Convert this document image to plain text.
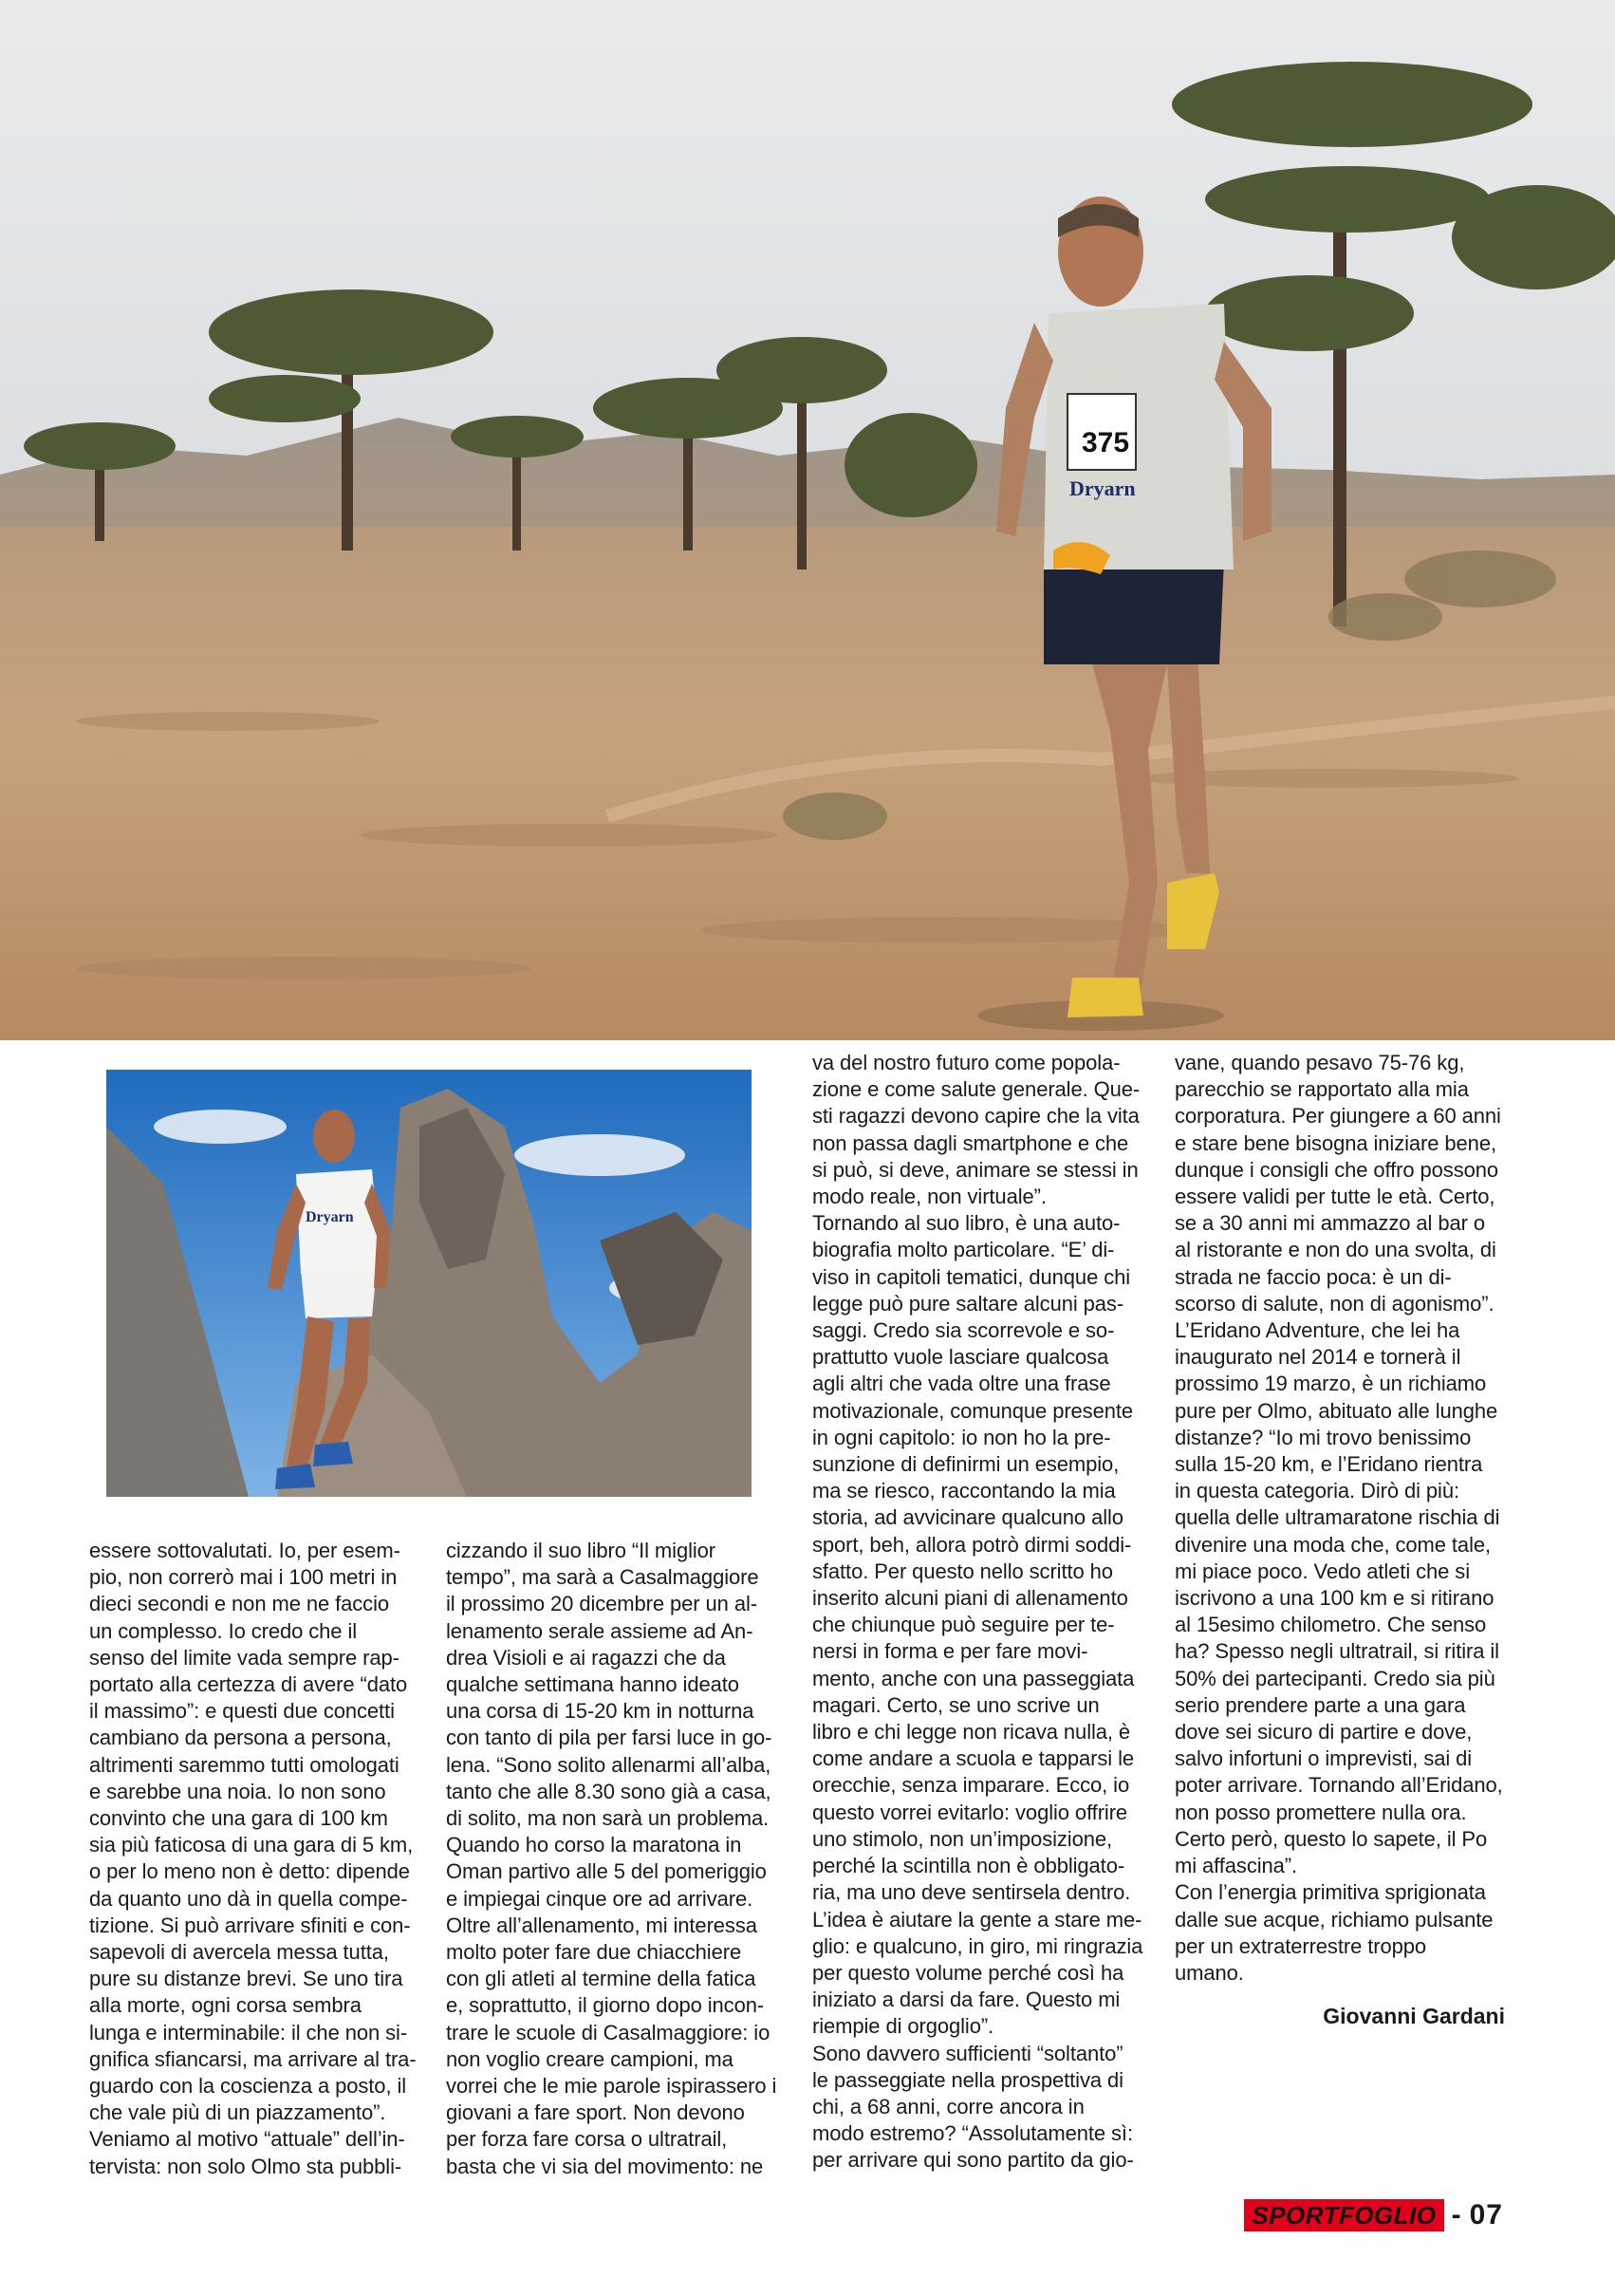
375
Dryarn
Dryarn

essere sottovalutati. Io, per esem-
pio, non correrò mai i 100 metri in
dieci secondi e non me ne faccio
un complesso. Io credo che il
senso del limite vada sempre rap-
portato alla certezza di avere “dato
il massimo”: e questi due concetti
cambiano da persona a persona,
altrimenti saremmo tutti omologati
e sarebbe una noia. Io non sono
convinto che una gara di 100 km
sia più faticosa di una gara di 5 km,
o per lo meno non è detto: dipende
da quanto uno dà in quella compe-
tizione. Si può arrivare sfiniti e con-
sapevoli di avercela messa tutta,
pure su distanze brevi. Se uno tira
alla morte, ogni corsa sembra
lunga e interminabile: il che non si-
gnifica sfiancarsi, ma arrivare al tra-
guardo con la coscienza a posto, il
che vale più di un piazzamento”.
Veniamo al motivo “attuale” dell’in-
tervista: non solo Olmo sta pubbli-

cizzando il suo libro “Il miglior
tempo”, ma sarà a Casalmaggiore
il prossimo 20 dicembre per un al-
lenamento serale assieme ad An-
drea Visioli e ai ragazzi che da
qualche settimana hanno ideato
una corsa di 15-20 km in notturna
con tanto di pila per farsi luce in go-
lena. “Sono solito allenarmi all’alba,
tanto che alle 8.30 sono già a casa,
di solito, ma non sarà un problema.
Quando ho corso la maratona in
Oman partivo alle 5 del pomeriggio
e impiegai cinque ore ad arrivare.
Oltre all’allenamento, mi interessa
molto poter fare due chiacchiere
con gli atleti al termine della fatica
e, soprattutto, il giorno dopo incon-
trare le scuole di Casalmaggiore: io
non voglio creare campioni, ma
vorrei che le mie parole ispirassero i
giovani a fare sport. Non devono
per forza fare corsa o ultratrail,
basta che vi sia del movimento: ne

va del nostro futuro come popola-
zione e come salute generale. Que-
sti ragazzi devono capire che la vita
non passa dagli smartphone e che
si può, si deve, animare se stessi in
modo reale, non virtuale”.
Tornando al suo libro, è una auto-
biografia molto particolare. “E’ di-
viso in capitoli tematici, dunque chi
legge può pure saltare alcuni pas-
saggi. Credo sia scorrevole e so-
prattutto vuole lasciare qualcosa
agli altri che vada oltre una frase
motivazionale, comunque presente
in ogni capitolo: io non ho la pre-
sunzione di definirmi un esempio,
ma se riesco, raccontando la mia
storia, ad avvicinare qualcuno allo
sport, beh, allora potrò dirmi soddi-
sfatto. Per questo nello scritto ho
inserito alcuni piani di allenamento
che chiunque può seguire per te-
nersi in forma e per fare movi-
mento, anche con una passeggiata
magari. Certo, se uno scrive un
libro e chi legge non ricava nulla, è
come andare a scuola e tapparsi le
orecchie, senza imparare. Ecco, io
questo vorrei evitarlo: voglio offrire
uno stimolo, non un’imposizione,
perché la scintilla non è obbligato-
ria, ma uno deve sentirsela dentro.
L’idea è aiutare la gente a stare me-
glio: e qualcuno, in giro, mi ringrazia
per questo volume perché così ha
iniziato a darsi da fare. Questo mi
riempie di orgoglio”.
Sono davvero sufficienti “soltanto”
le passeggiate nella prospettiva di
chi, a 68 anni, corre ancora in
modo estremo? “Assolutamente sì:
per arrivare qui sono partito da gio-

vane, quando pesavo 75-76 kg,
parecchio se rapportato alla mia
corporatura. Per giungere a 60 anni
e stare bene bisogna iniziare bene,
dunque i consigli che offro possono
essere validi per tutte le età. Certo,
se a 30 anni mi ammazzo al bar o
al ristorante e non do una svolta, di
strada ne faccio poca: è un di-
scorso di salute, non di agonismo”.
L’Eridano Adventure, che lei ha
inaugurato nel 2014 e tornerà il
prossimo 19 marzo, è un richiamo
pure per Olmo, abituato alle lunghe
distanze? “Io mi trovo benissimo
sulla 15-20 km, e l’Eridano rientra
in questa categoria. Dirò di più:
quella delle ultramaratone rischia di
divenire una moda che, come tale,
mi piace poco. Vedo atleti che si
iscrivono a una 100 km e si ritirano
al 15esimo chilometro. Che senso
ha? Spesso negli ultratrail, si ritira il
50% dei partecipanti. Credo sia più
serio prendere parte a una gara
dove sei sicuro di partire e dove,
salvo infortuni o imprevisti, sai di
poter arrivare. Tornando all’Eridano,
non posso promettere nulla ora.
Certo però, questo lo sapete, il Po
mi affascina”.
Con l’energia primitiva sprigionata
dalle sue acque, richiamo pulsante
per un extraterrestre troppo
umano.

Giovanni Gardani
SPORTFOGLIO - 07
